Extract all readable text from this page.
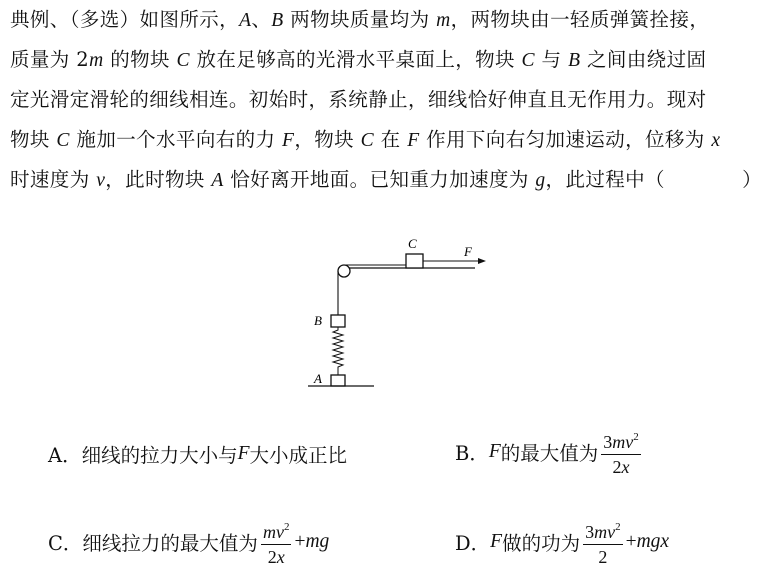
典例、（多选）如图所示，A、B 两物块质量均为 m，两物块由一轻质弹簧拴接，
质量为 2m 的物块 C 放在足够高的光滑水平桌面上，物块 C 与 B 之间由绕过固
定光滑定滑轮的细线相连。初始时，系统静止，细线恰好伸直且无作用力。现对
物块 C 施加一个水平向右的力 F，物块 C 在 F 作用下向右匀加速运动，位移为 x
时速度为 v，此时物块 A 恰好离开地面。已知重力加速度为 g，此过程中（	）
C
F
B
A
A． 细线的拉力大小与 F 大小成正比	B． F 的最大值为 $\frac{3mv^2}{2x}$
C． 细线拉力的最大值为 $\frac{mv^2}{2x}$ + mg	D． F 做的功为 $\frac{3mv^2}{2}$ + mgx
